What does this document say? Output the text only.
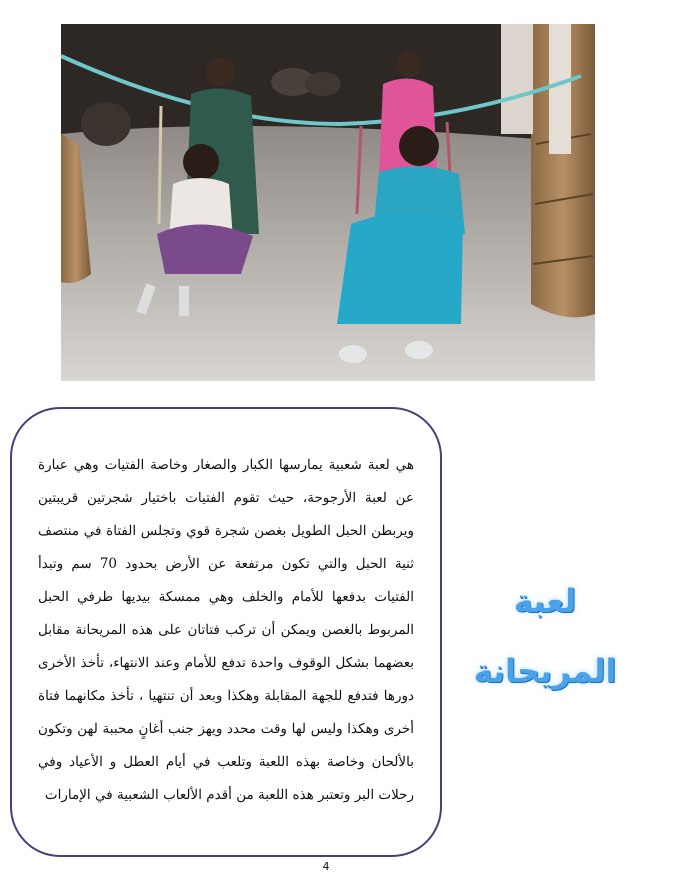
هي لعبة شعبية يمارسها الكبار والصغار وخاصة الفتيات وهي عبارة عن لعبة الأرجوحة، حيث تقوم الفتيات باختيار شجرتين قريبتين ويربطن الحبل الطويل بغصن شجرة قوي وتجلس الفتاة في منتصف ثنية الحبل والتي تكون مرتفعة عن الأرض بحدود 70 سم وتبدأ الفتيات بدفعها للأمام والخلف وهي ممسكة بيديها طرفي الحبل المربوط بالغصن ويمكن أن تركب فتاتان على هذه المريحانة مقابل بعضهما بشكل الوقوف واحدة تدفع للأمام وعند الانتهاء، تأخذ الأخرى دورها فتدفع للجهة المقابلة وهكذا وبعد أن تنتهيا ، تأخذ مكانهما فتاة أخرى وهكذا وليس لها وقت محدد ويهز جنب أغانٍ محببة لهن وتكون بالألحان وخاصة بهذه اللعبة وتلعب في أيام العطل و الأعياد وفي رحلات البر وتعتبر هذه اللعبة من أقدم الألعاب الشعبية في الإمارات

لعبة
المريحانة
4
